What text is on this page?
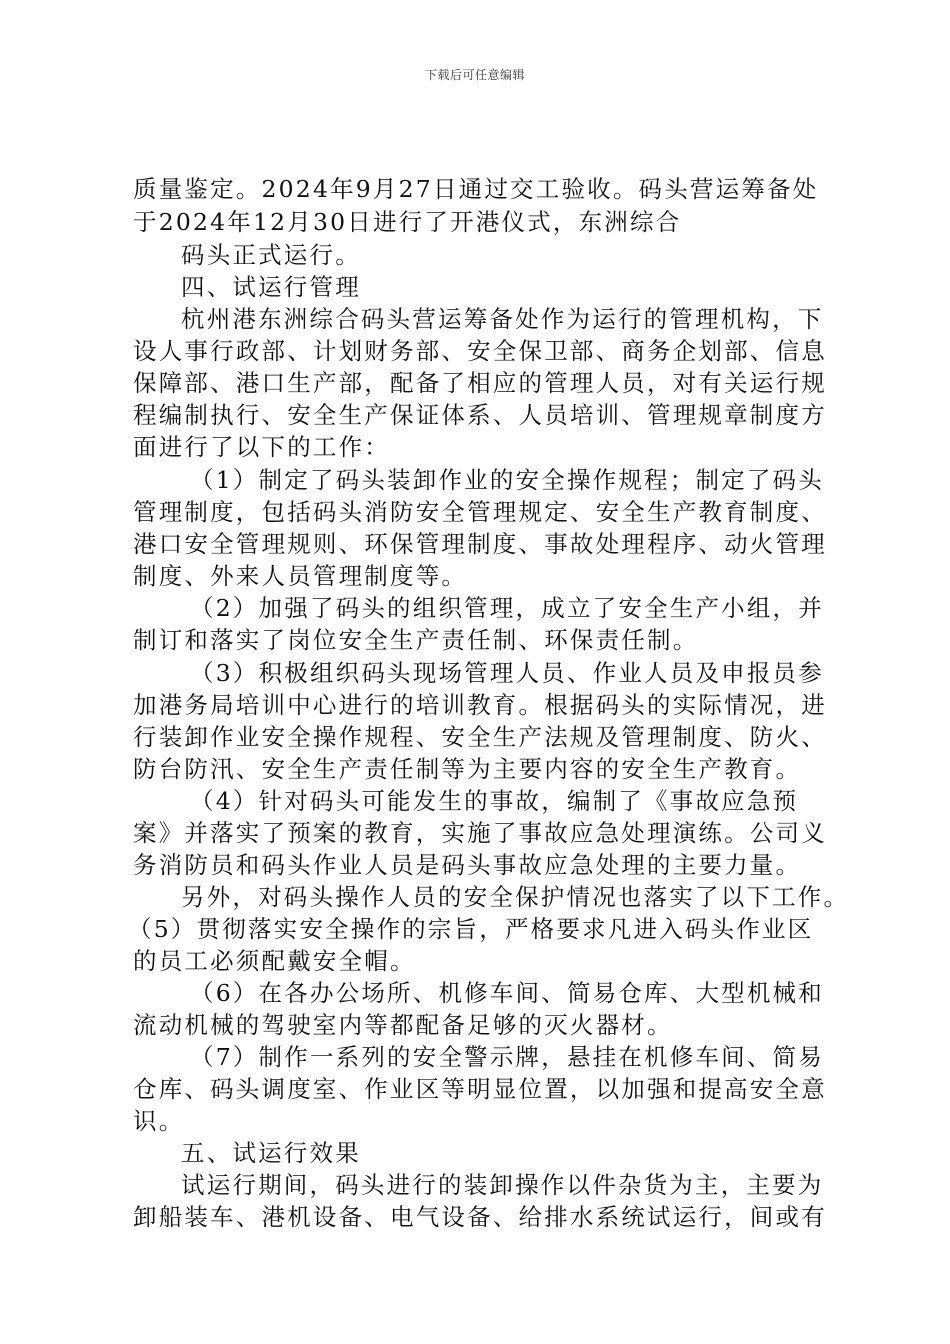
下载后可任意编辑
质量鉴定。2024年9月27日通过交工验收。码头营运筹备处
于2024年12月30日进行了开港仪式，东洲综合
码头正式运行。
四、试运行管理
杭州港东洲综合码头营运筹备处作为运行的管理机构，下
设人事行政部、计划财务部、安全保卫部、商务企划部、信息
保障部、港口生产部，配备了相应的管理人员，对有关运行规
程编制执行、安全生产保证体系、人员培训、管理规章制度方
面进行了以下的工作：
（1）制定了码头装卸作业的安全操作规程；制定了码头
管理制度，包括码头消防安全管理规定、安全生产教育制度、
港口安全管理规则、环保管理制度、事故处理程序、动火管理
制度、外来人员管理制度等。
（2）加强了码头的组织管理，成立了安全生产小组，并
制订和落实了岗位安全生产责任制、环保责任制。
（3）积极组织码头现场管理人员、作业人员及申报员参
加港务局培训中心进行的培训教育。根据码头的实际情况，进
行装卸作业安全操作规程、安全生产法规及管理制度、防火、
防台防汛、安全生产责任制等为主要内容的安全生产教育。
（4）针对码头可能发生的事故，编制了《事故应急预
案》并落实了预案的教育，实施了事故应急处理演练。公司义
务消防员和码头作业人员是码头事故应急处理的主要力量。
另外，对码头操作人员的安全保护情况也落实了以下工作。
（5）贯彻落实安全操作的宗旨，严格要求凡进入码头作业区
的员工必须配戴安全帽。
（6）在各办公场所、机修车间、简易仓库、大型机械和
流动机械的驾驶室内等都配备足够的灭火器材。
（7）制作一系列的安全警示牌，悬挂在机修车间、简易
仓库、码头调度室、作业区等明显位置，以加强和提高安全意
识。
五、试运行效果
试运行期间，码头进行的装卸操作以件杂货为主，主要为
卸船装车、港机设备、电气设备、给排水系统试运行，间或有
